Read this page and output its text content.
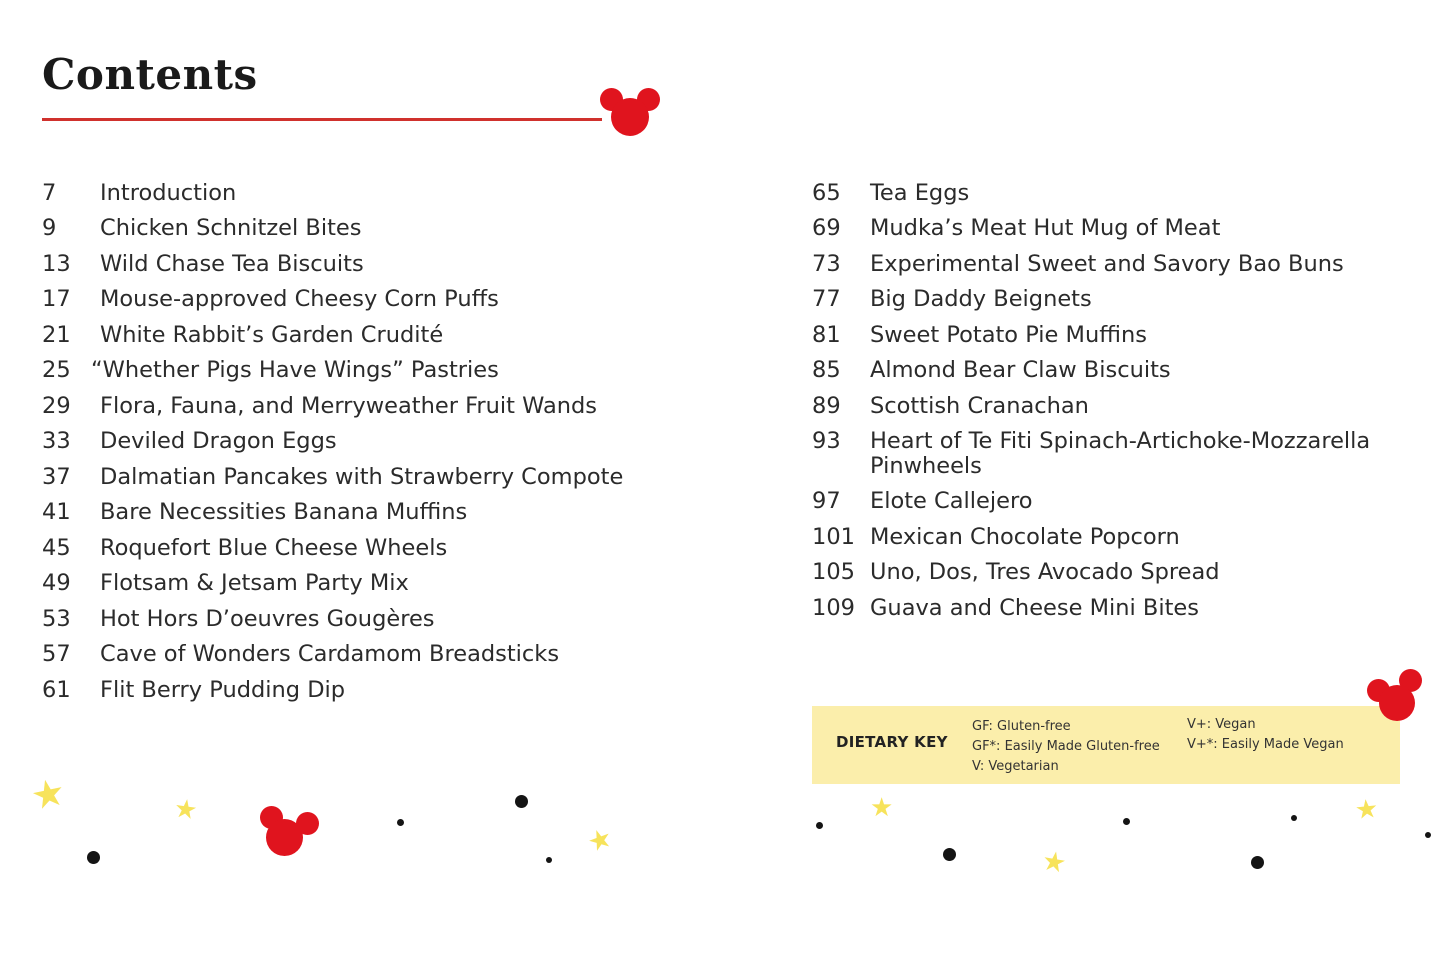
Contents
7	Introduction
9	Chicken Schnitzel Bites
13	Wild Chase Tea Biscuits
17	Mouse-approved Cheesy Corn Puffs
21	White Rabbit’s Garden Crudité
25 “Whether Pigs Have Wings” Pastries
29	Flora, Fauna, and Merryweather Fruit Wands
33	Deviled Dragon Eggs
37	Dalmatian Pancakes with Strawberry Compote
41	Bare Necessities Banana Muffins
45	Roquefort Blue Cheese Wheels
49	Flotsam & Jetsam Party Mix
53	Hot Hors D’oeuvres Gougères
57	Cave of Wonders Cardamom Breadsticks
61	Flit Berry Pudding Dip
65	Tea Eggs
69	Mudka’s Meat Hut Mug of Meat
73	Experimental Sweet and Savory Bao Buns
77	Big Daddy Beignets
81	Sweet Potato Pie Muffins
85	Almond Bear Claw Biscuits
89	Scottish Cranachan
93	Heart of Te Fiti Spinach-Artichoke-Mozzarella Pinwheels
97	Elote Callejero
101 Mexican Chocolate Popcorn
105 Uno, Dos, Tres Avocado Spread
109 Guava and Cheese Mini Bites
DIETARY KEY
GF: Gluten-free
GF*: Easily Made Gluten-free
V: Vegetarian
V+: Vegan
V+*: Easily Made Vegan
★	★
★
★
★
★
